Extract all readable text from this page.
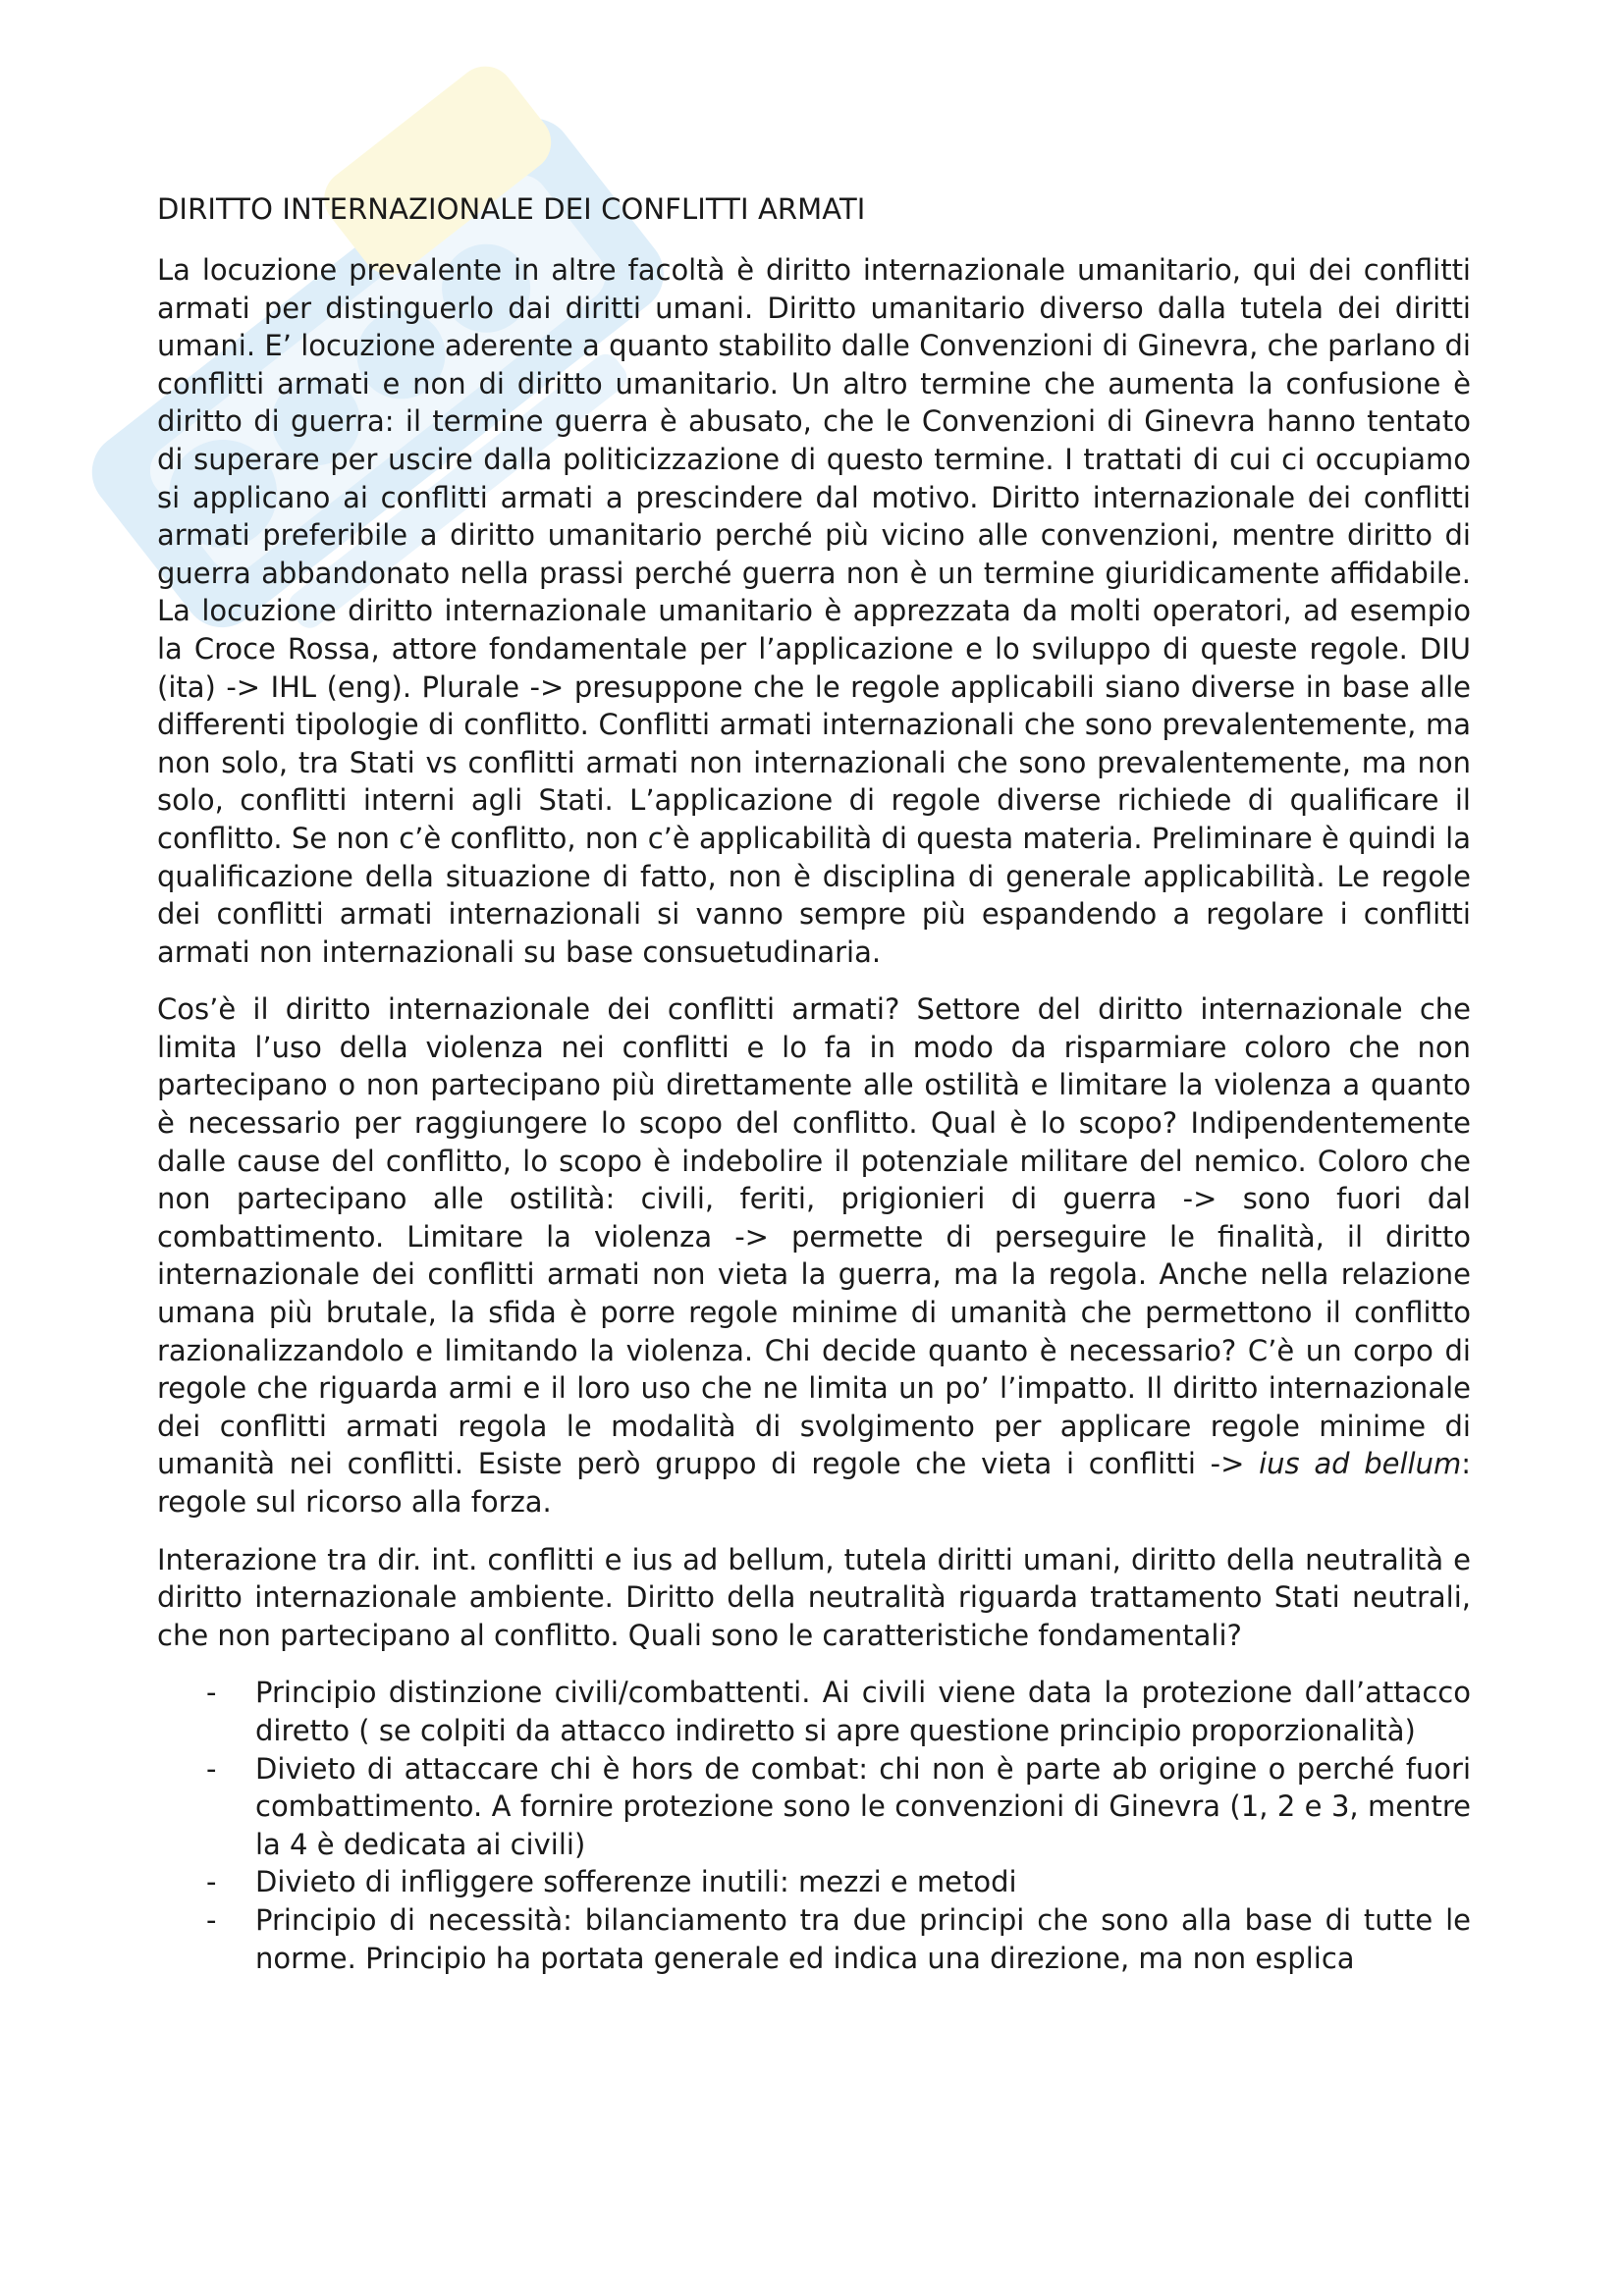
DIRITTO INTERNAZIONALE DEI CONFLITTI ARMATI

La locuzione prevalente in altre facoltà è diritto internazionale umanitario, qui dei conflitti armati per distinguerlo dai diritti umani. Diritto umanitario diverso dalla tutela dei diritti umani. E’ locuzione aderente a quanto stabilito dalle Convenzioni di Ginevra, che parlano di conflitti armati e non di diritto umanitario. Un altro termine che aumenta la confusione è diritto di guerra: il termine guerra è abusato, che le Convenzioni di Ginevra hanno tentato di superare per uscire dalla politicizzazione di questo termine. I trattati di cui ci occupiamo si applicano ai conflitti armati a prescindere dal motivo. Diritto internazionale dei conflitti armati preferibile a diritto umanitario perché più vicino alle convenzioni, mentre diritto di guerra abbandonato nella prassi perché guerra non è un termine giuridicamente affidabile. La locuzione diritto internazionale umanitario è apprezzata da molti operatori, ad esempio la Croce Rossa, attore fondamentale per l’applicazione e lo sviluppo di queste regole. DIU (ita) -> IHL (eng). Plurale -> presuppone che le regole applicabili siano diverse in base alle differenti tipologie di conflitto. Conflitti armati internazionali che sono prevalentemente, ma non solo, tra Stati vs conflitti armati non internazionali che sono prevalentemente, ma non solo, conflitti interni agli Stati. L’applicazione di regole diverse richiede di qualificare il conflitto. Se non c’è conflitto, non c’è applicabilità di questa materia. Preliminare è quindi la qualificazione della situazione di fatto, non è disciplina di generale applicabilità. Le regole dei conflitti armati internazionali si vanno sempre più espandendo a regolare i conflitti armati non internazionali su base consuetudinaria.

Cos’è il diritto internazionale dei conflitti armati? Settore del diritto internazionale che limita l’uso della violenza nei conflitti e lo fa in modo da risparmiare coloro che non partecipano o non partecipano più direttamente alle ostilità e limitare la violenza a quanto è necessario per raggiungere lo scopo del conflitto. Qual è lo scopo? Indipendentemente dalle cause del conflitto, lo scopo è indebolire il potenziale militare del nemico. Coloro che non partecipano alle ostilità: civili, feriti, prigionieri di guerra -> sono fuori dal combattimento. Limitare la violenza -> permette di perseguire le finalità, il diritto internazionale dei conflitti armati non vieta la guerra, ma la regola. Anche nella relazione umana più brutale, la sfida è porre regole minime di umanità che permettono il conflitto razionalizzandolo e limitando la violenza. Chi decide quanto è necessario? C’è un corpo di regole che riguarda armi e il loro uso che ne limita un po’ l’impatto. Il diritto internazionale dei conflitti armati regola le modalità di svolgimento per applicare regole minime di umanità nei conflitti. Esiste però gruppo di regole che vieta i conflitti -> ius ad bellum: regole sul ricorso alla forza.

Interazione tra dir. int. conflitti e ius ad bellum, tutela diritti umani, diritto della neutralità e diritto internazionale ambiente. Diritto della neutralità riguarda trattamento Stati neutrali, che non partecipano al conflitto. Quali sono le caratteristiche fondamentali?

- Principio distinzione civili/combattenti. Ai civili viene data la protezione dall’attacco diretto ( se colpiti da attacco indiretto si apre questione principio proporzionalità)
- Divieto di attaccare chi è hors de combat: chi non è parte ab origine o perché fuori combattimento. A fornire protezione sono le convenzioni di Ginevra (1, 2 e 3, mentre la 4 è dedicata ai civili)
- Divieto di infliggere sofferenze inutili: mezzi e metodi
- Principio di necessità: bilanciamento tra due principi che sono alla base di tutte le norme. Principio ha portata generale ed indica una direzione, ma non esplica
